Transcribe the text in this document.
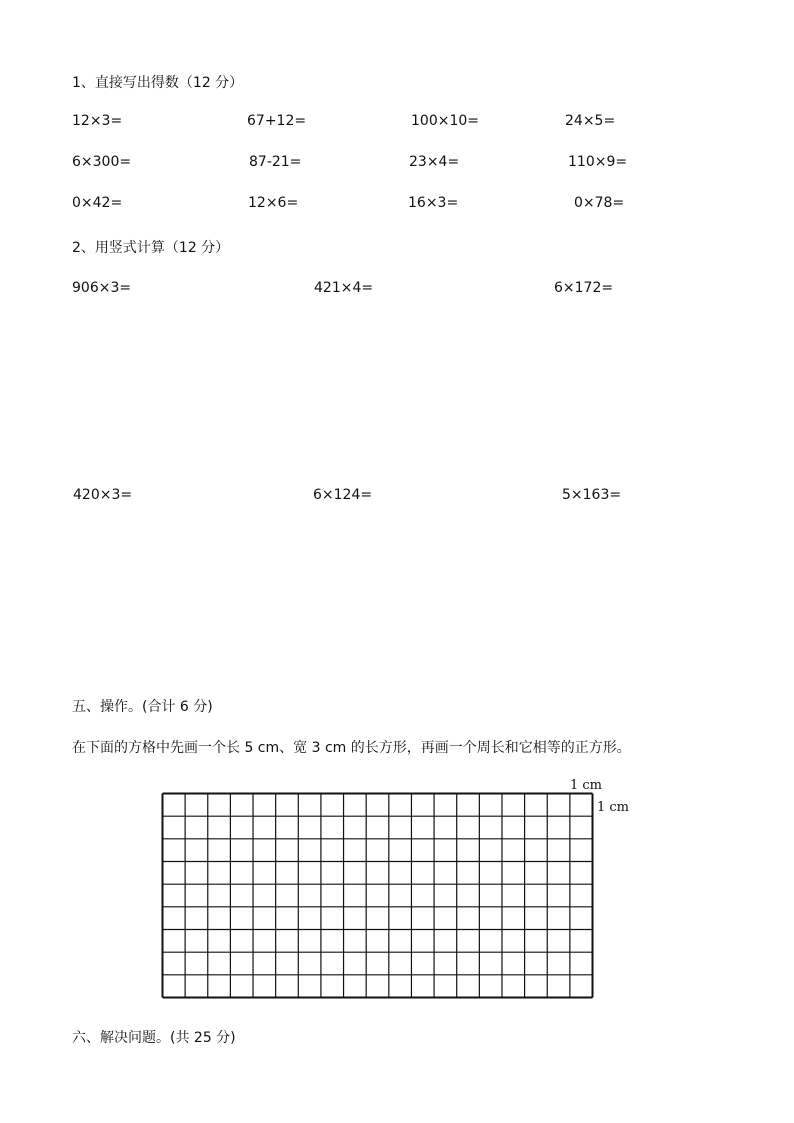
1、直接写出得数（12 分）
12×3=	67+12=	100×10=	24×5=
6×300=	87-21=	23×4=	110×9=
0×42=	12×6=	16×3=	0×78=
2、用竖式计算（12 分）
906×3=	421×4=	6×172=
420×3=	6×124=	5×163=
五、操作。(合计 6 分)
在下面的方格中先画一个长 5 cm、宽 3 cm 的长方形，再画一个周长和它相等的正方形。
1 cm
1 cm
六、解决问题。(共 25 分)
